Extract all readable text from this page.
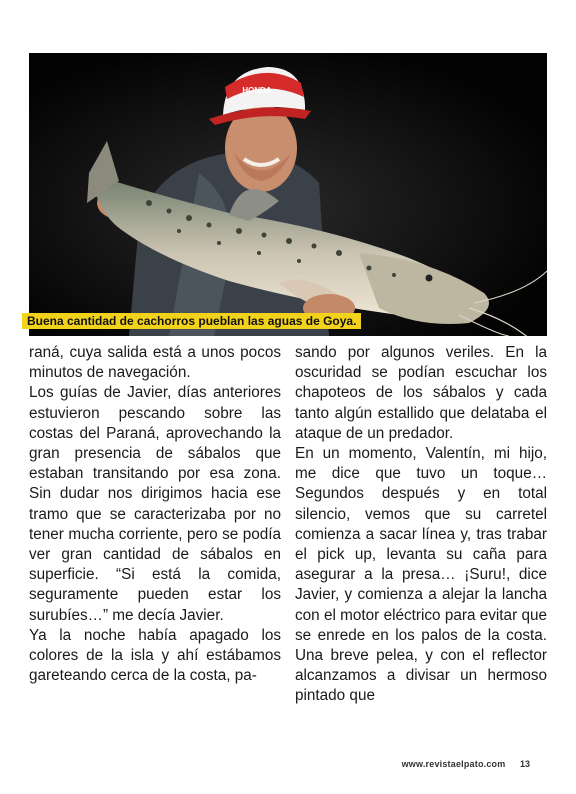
HONDA
Buena cantidad de cachorros pueblan las aguas de Goya.

raná, cuya salida está a unos pocos minutos de navegación.

Los guías de Javier, días anteriores estuvieron pescando sobre las costas del Paraná, aprovechando la gran presencia de sábalos que estaban transitando por esa zona. Sin dudar nos dirigimos hacia ese tramo que se caracterizaba por no tener mucha corriente, pero se podía ver gran cantidad de sábalos en superficie. “Si está la comida, seguramente pueden estar los surubíes…” me decía Javier.

Ya la noche había apagado los colores de la isla y ahí estábamos gareteando cerca de la costa, pa-

sando por algunos veriles. En la oscuridad se podían escuchar los chapoteos de los sábalos y cada tanto algún estallido que delataba el ataque de un predador.

En un momento, Valentín, mi hijo, me dice que tuvo un toque… Segundos después y en total silencio, vemos que su carretel comienza a sacar línea y, tras trabar el pick up, levanta su caña para asegurar a la presa… ¡Suru!, dice Javier, y comienza a alejar la lancha con el motor eléctrico para evitar que se enrede en los palos de la costa. Una breve pelea, y con el reflector alcanzamos a divisar un hermoso pintado que

www.revistaelpato.com 13
